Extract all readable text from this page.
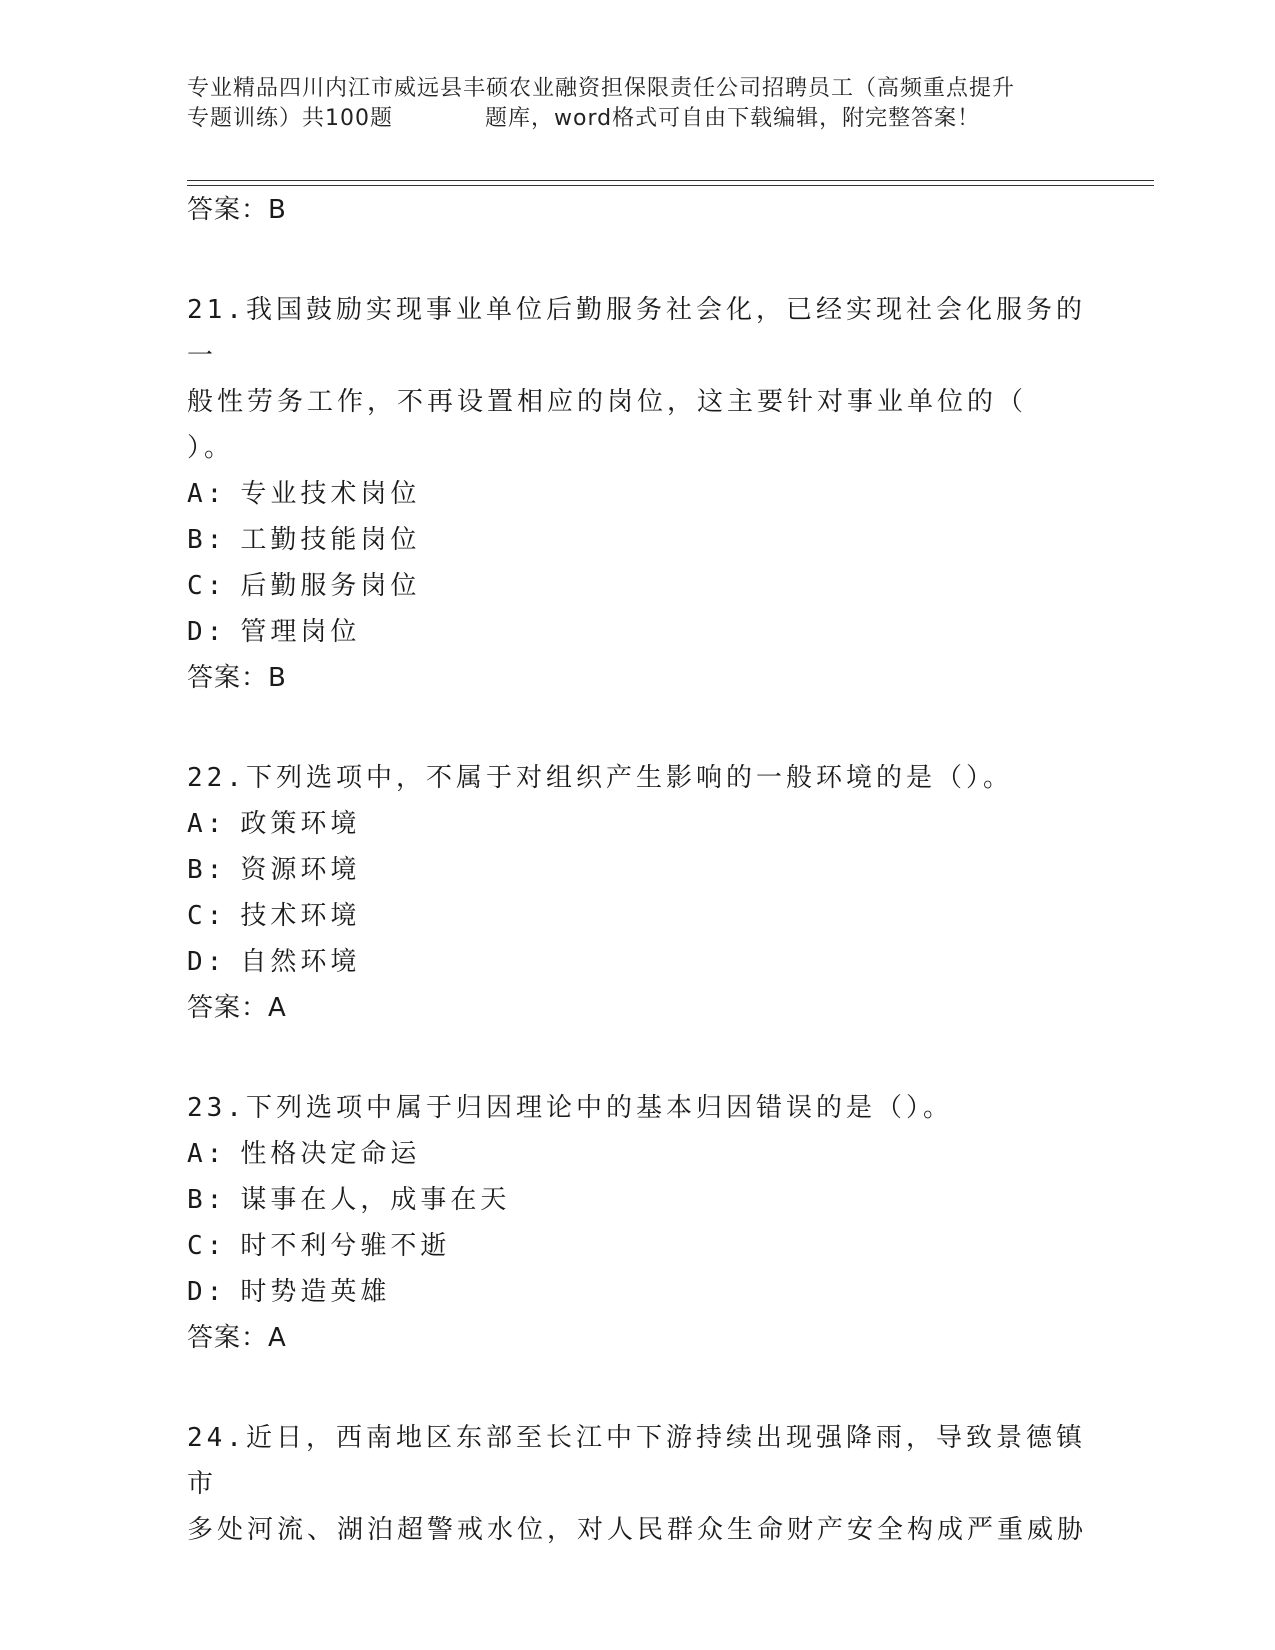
专业精品四川内江市威远县丰硕农业融资担保限责任公司招聘员工（高频重点提升
专题训练）共100题	题库，word格式可自由下载编辑，附完整答案！

答案：B

21.我国鼓励实现事业单位后勤服务社会化，已经实现社会化服务的一

般性劳务工作，不再设置相应的岗位，这主要针对事业单位的（

）。

A: 专业技术岗位

B: 工勤技能岗位

C: 后勤服务岗位

D: 管理岗位

答案：B

22.下列选项中，不属于对组织产生影响的一般环境的是（）。

A: 政策环境

B: 资源环境

C: 技术环境

D: 自然环境

答案：A

23.下列选项中属于归因理论中的基本归因错误的是（）。

A: 性格决定命运

B: 谋事在人，成事在天

C: 时不利兮骓不逝

D: 时势造英雄

答案：A

24.近日，西南地区东部至长江中下游持续出现强降雨，导致景德镇市

多处河流、湖泊超警戒水位，对人民群众生命财产安全构成严重威胁
